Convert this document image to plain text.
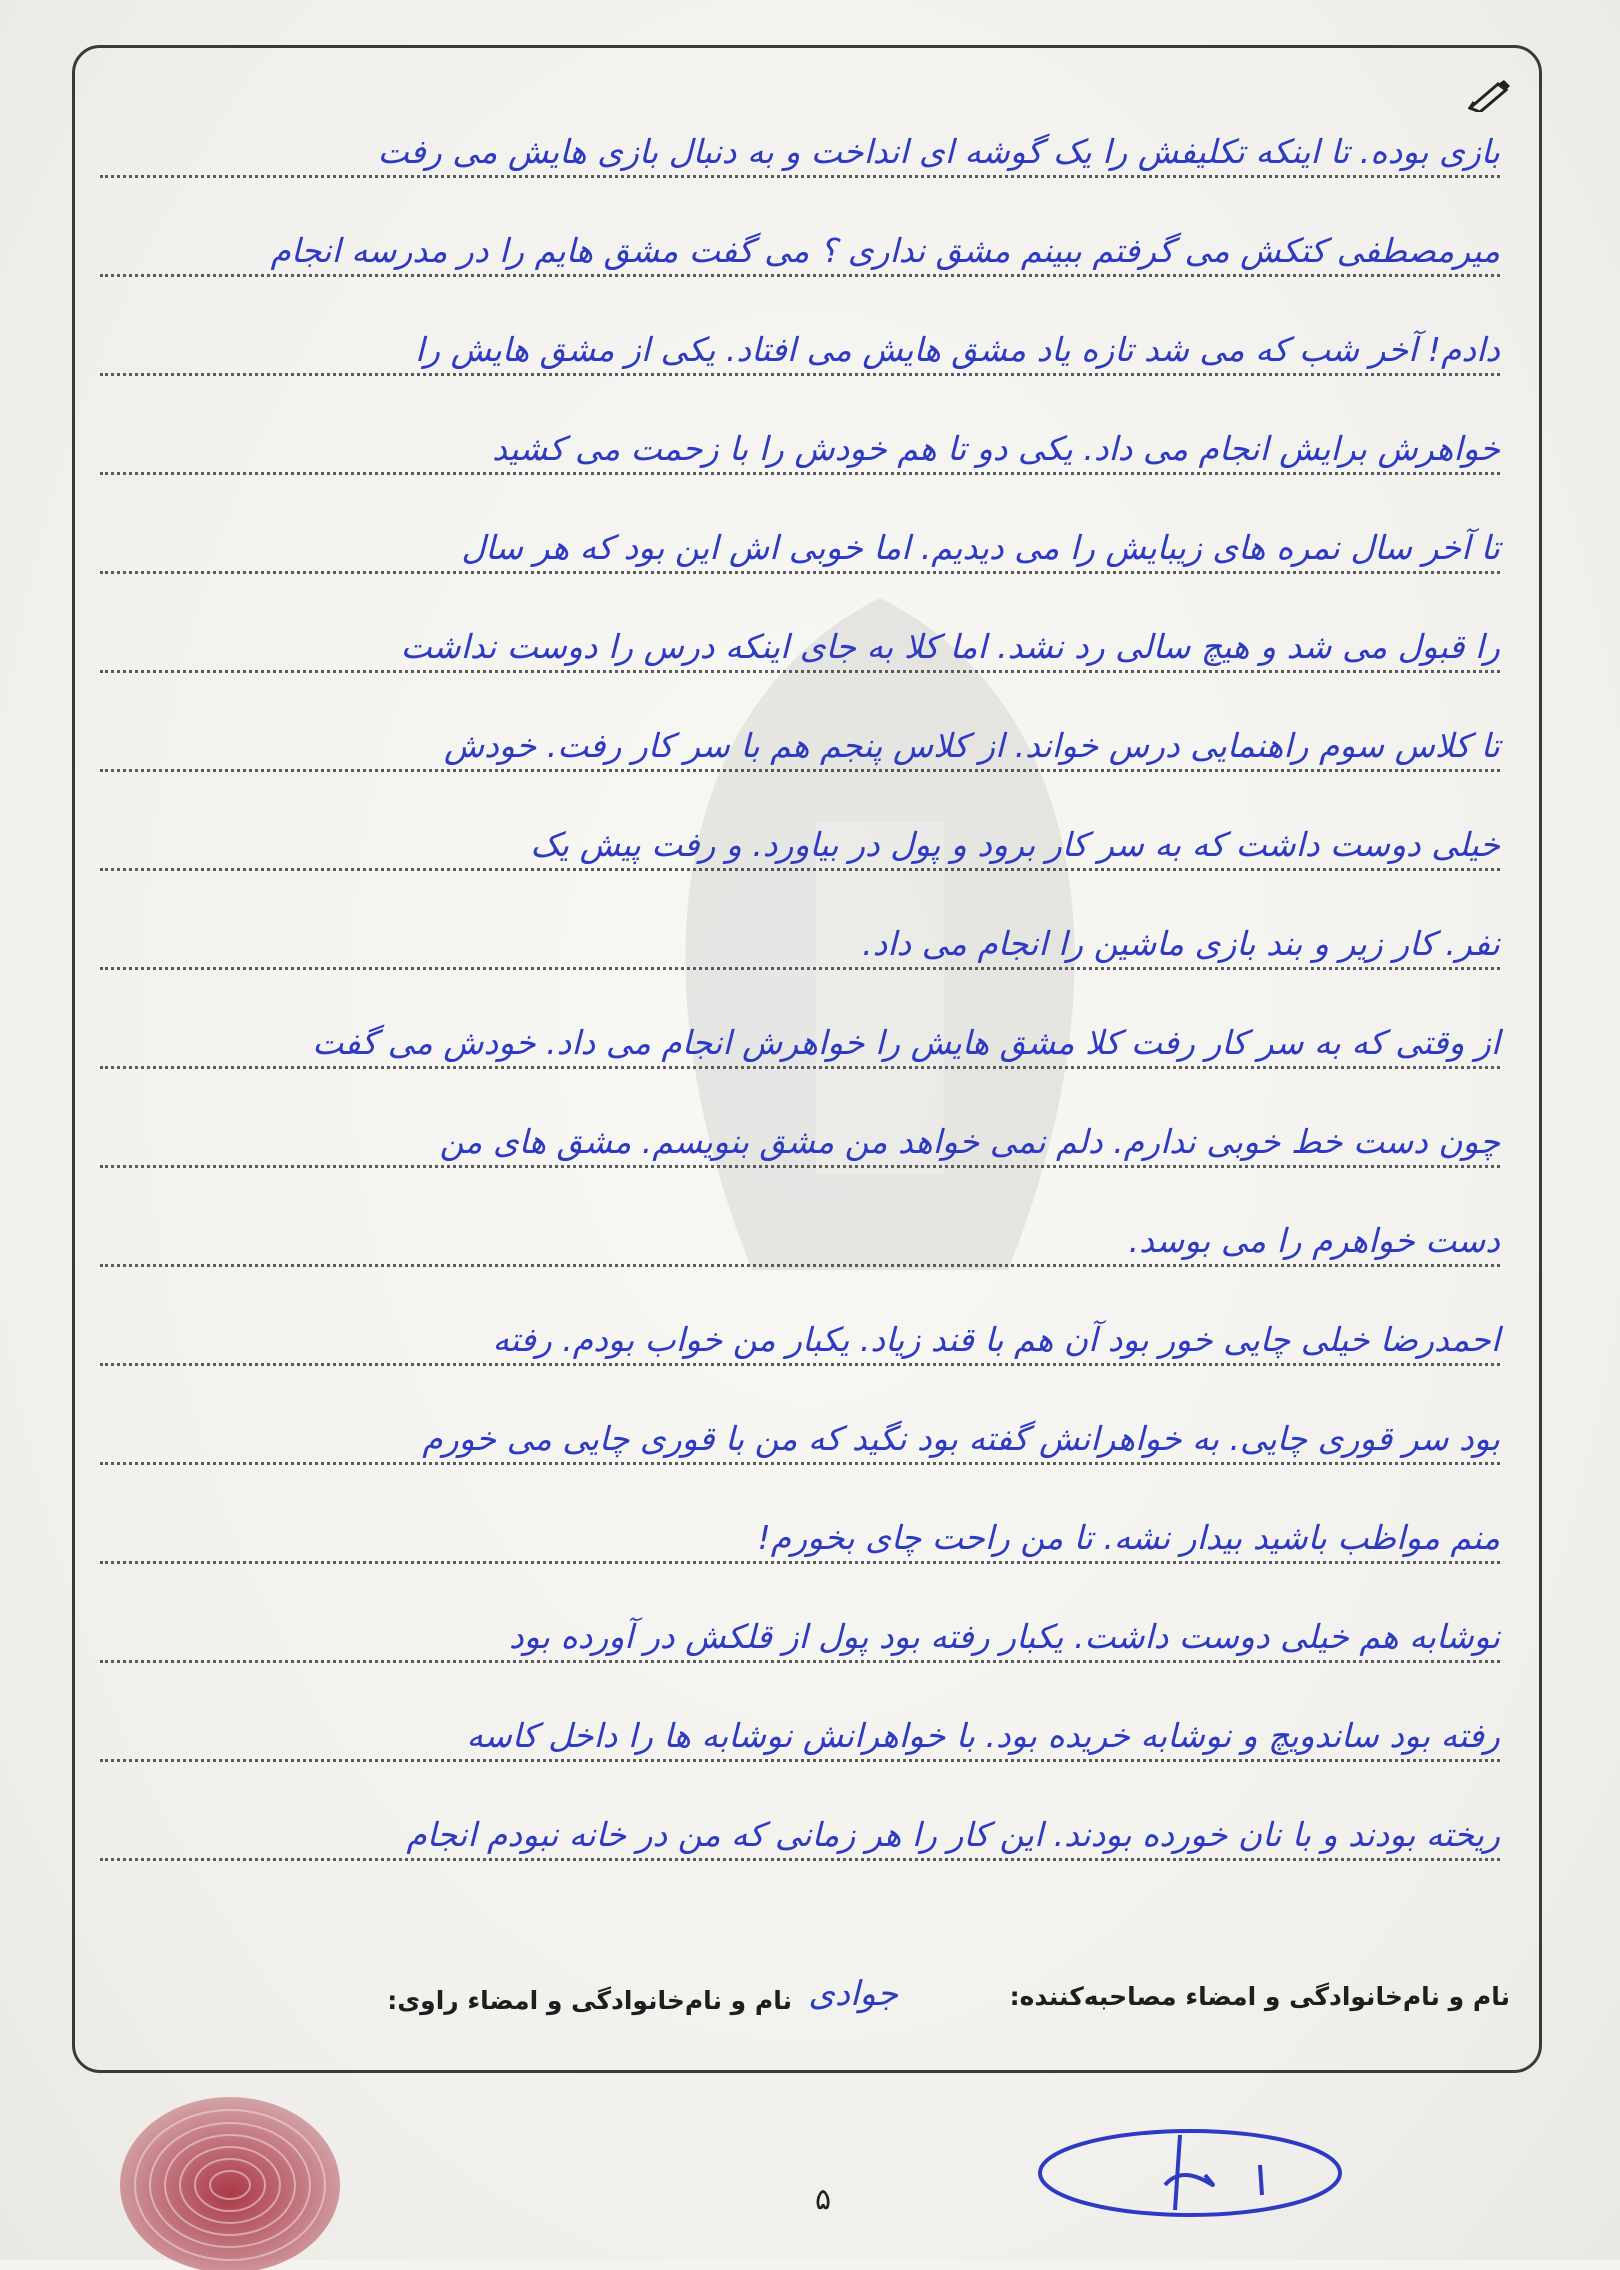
بازی بوده. تا اینکه تکلیفش را یک گوشه ای انداخت و به دنبال بازی هایش می رفت
میرمصطفی کتکش می گرفتم ببینم مشق نداری ؟ می گفت مشق هایم را در مدرسه انجام
دادم! آخر شب که می شد تازه یاد مشق هایش می افتاد. یکی از مشق هایش را
خواهرش برایش انجام می داد. یکی دو تا هم خودش را با زحمت می کشید
تا آخر سال نمره های زیبایش را می دیدیم. اما خوبی اش این بود که هر سال
را قبول می شد و هیچ سالی رد نشد. اما کلا به جای اینکه درس را دوست نداشت
تا کلاس سوم راهنمایی درس خواند. از کلاس پنجم هم با سر کار رفت. خودش
خیلی دوست داشت که به سر کار برود و پول در بیاورد. و رفت پیش یک
نفر. کار زیر و بند بازی ماشین را انجام می داد.
از وقتی که به سر کار رفت کلا مشق هایش را خواهرش انجام می داد. خودش می گفت
چون دست خط خوبی ندارم. دلم نمی خواهد من مشق بنویسم. مشق های من
دست خواهرم را می بوسد.
احمدرضا خیلی چایی خور بود آن هم با قند زیاد. یکبار من خواب بودم. رفته
بود سر قوری چایی. به خواهرانش گفته بود نگید که من با قوری چایی می خورم
منم مواظب باشید بیدار نشه. تا من راحت چای بخورم!
نوشابه هم خیلی دوست داشت. یکبار رفته بود پول از قلکش در آورده بود
رفته بود ساندویچ و نوشابه خریده بود. با خواهرانش نوشابه ها را داخل کاسه
ریخته بودند و با نان خورده بودند. این کار را هر زمانی که من در خانه نبودم انجام
نام و نام‌خانوادگی و امضاء مصاحبه‌کننده:
جوادی
نام و نام‌خانوادگی و امضاء راوی:
۵
